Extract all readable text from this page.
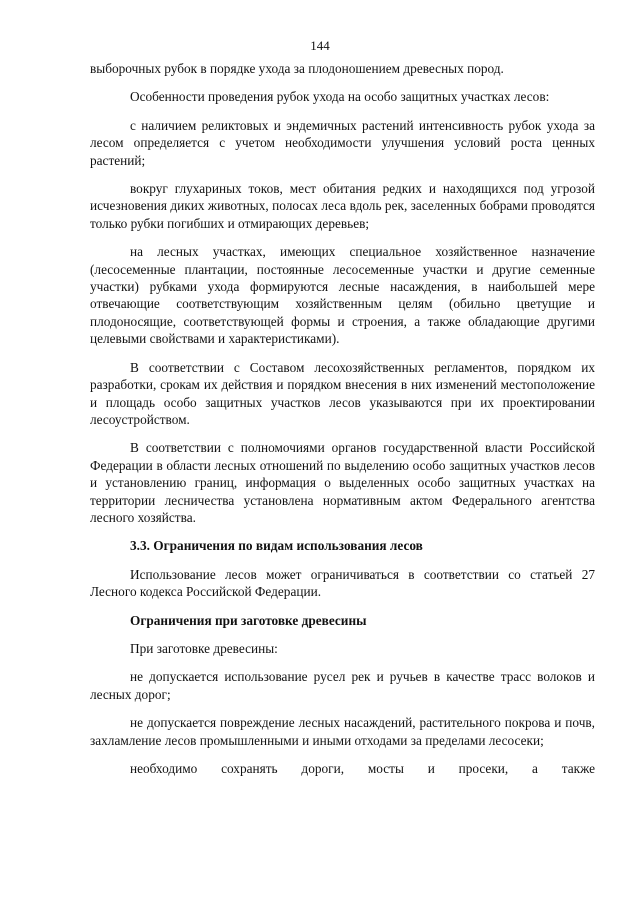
144

выборочных рубок в порядке ухода за плодоношением древесных пород.

Особенности проведения рубок ухода на особо защитных участках лесов:

с наличием реликтовых и эндемичных растений интенсивность рубок ухода за лесом определяется с учетом необходимости улучшения условий роста ценных растений;

вокруг глухариных токов, мест обитания редких и находящихся под угрозой исчезновения диких животных, полосах леса вдоль рек, заселенных бобрами проводятся только рубки погибших и отмирающих деревьев;

на лесных участках, имеющих специальное хозяйственное назначение (лесосеменные плантации, постоянные лесосеменные участки и другие семенные участки) рубками ухода формируются лесные насаждения, в наибольшей мере отвечающие соответствующим хозяйственным целям (обильно цветущие и плодоносящие, соответствующей формы и строения, а также обладающие другими целевыми свойствами и характеристиками).

В соответствии с Составом лесохозяйственных регламентов, порядком их разработки, срокам их действия и порядком внесения в них изменений местоположение и площадь особо защитных участков лесов указываются при их проектировании лесоустройством.

В соответствии с полномочиями органов государственной власти Российской Федерации в области лесных отношений по выделению особо защитных участков лесов и установлению границ, информация о выделенных особо защитных участках на территории лесничества установлена нормативным актом Федерального агентства лесного хозяйства.

3.3. Ограничения по видам использования лесов

Использование лесов может ограничиваться в соответствии со статьей 27 Лесного кодекса Российской Федерации.

Ограничения при заготовке древесины

При заготовке древесины:

не допускается использование русел рек и ручьев в качестве трасс волоков и лесных дорог;

не допускается повреждение лесных насаждений, растительного покрова и почв, захламление лесов промышленными и иными отходами за пределами лесосеки;

необходимо сохранять дороги, мосты и просеки, а также
